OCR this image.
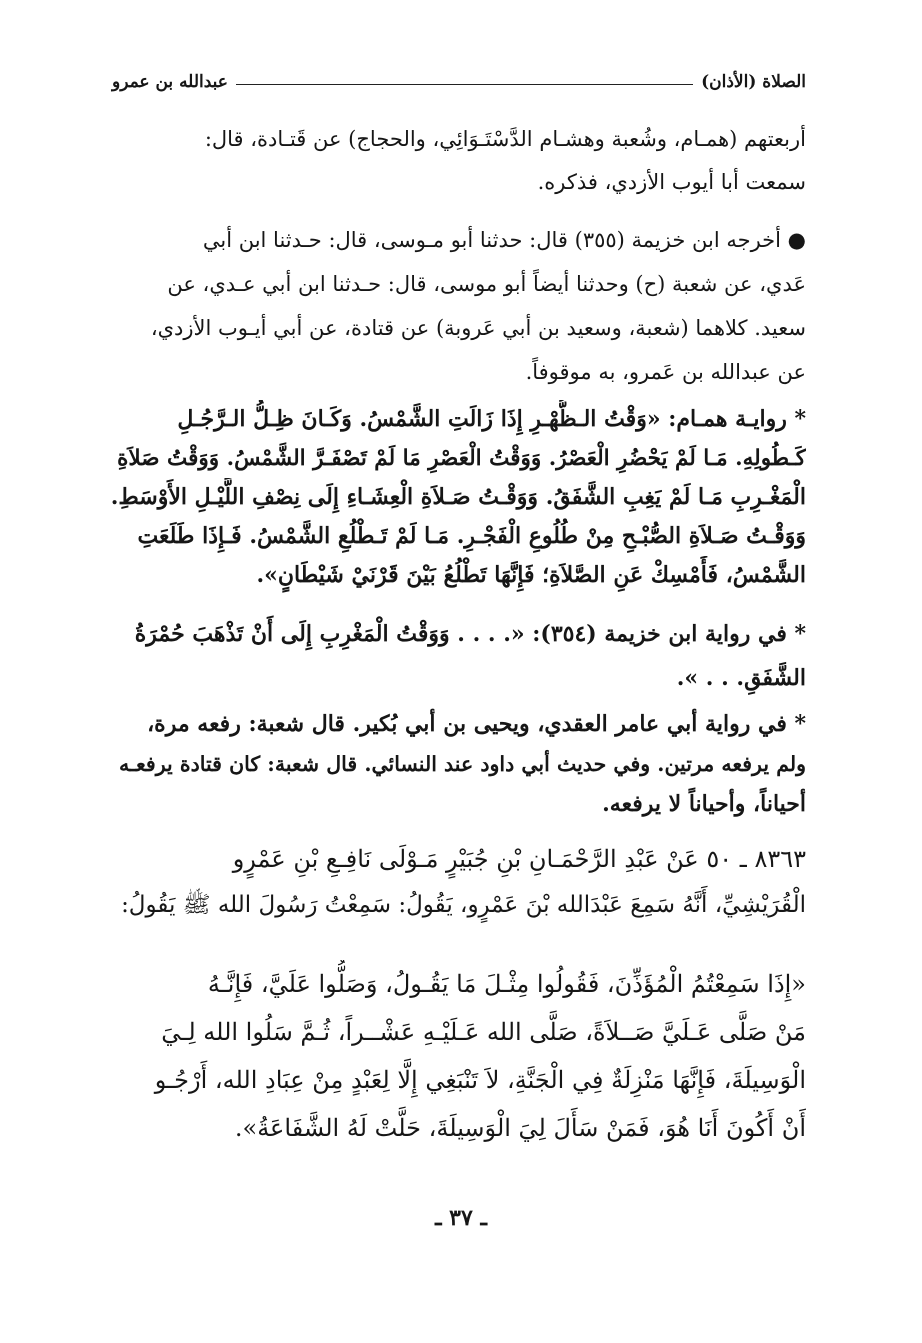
الصلاة (الأذان)
عبدالله بن عمرو
أربعتهم (همـام، وشُعبة وهشـام الدَّسْتَـوَائِي، والحجاج) عن قَتـادة، قال:
سمعت أبا أيوب الأزدي، فذكره.
● أخرجه ابن خزيمة (٣٥٥) قال: حدثنا أبو مـوسى، قال: حـدثنا ابن أبي
عَدي، عن شعبة (ح) وحدثنا أيضاً أبو موسى، قال: حـدثنا ابن أبي عـدي، عن
سعيد. كلاهما (شعبة، وسعيد بن أبي عَروبة) عن قتادة، عن أبي أيـوب الأزدي،
عن عبدالله بن عَمرو، به موقوفاً.
* روايـة همـام: «وَقْتُ الـظُّهْـرِ إِذَا زَالَتِ الشَّمْسُ. وَكَـانَ ظِـلُّ الـرَّجُـلِ
كَـطُولِهِ. مَـا لَمْ يَحْضُرِ الْعَصْرُ. وَوَقْتُ الْعَصْرِ مَا لَمْ تَصْفَـرَّ الشَّمْسُ. وَوَقْتُ صَلاَةِ
الْمَغْـرِبِ مَـا لَمْ يَغِبِ الشَّفَقُ. وَوَقْـتُ صَـلاَةِ الْعِشَـاءِ إِلَى نِصْفِ اللَّيْـلِ الأَوْسَطِ.
وَوَقْـتُ صَـلاَةِ الصُّبْـحِ مِنْ طُلُوعِ الْفَجْـرِ. مَـا لَمْ تَـطْلُعِ الشَّمْسُ. فَـإِذَا طَلَعَتِ
الشَّمْسُ، فَأَمْسِكْ عَنِ الصَّلاَةِ؛ فَإِنَّهَا تَطْلُعُ بَيْنَ قَرْنَيْ شَيْطَانٍ».
* في رواية ابن خزيمة (٣٥٤): «. . . . وَوَقْتُ الْمَغْرِبِ إِلَى أَنْ تَذْهَبَ حُمْرَةُ
الشَّفَقِ. . . ».
* في رواية أبي عامر العقدي، ويحيى بن أبي بُكير. قال شعبة: رفعه مرة،
ولم يرفعه مرتين. وفي حديث أبي داود عند النسائي. قال شعبة: كان قتادة يرفعـه
أحياناً، وأحياناً لا يرفعه.
٨٣٦٣ ـ ٥٠ عَنْ عَبْدِ الرَّحْمَـانِ بْنِ جُبَيْرٍ مَـوْلَى نَافِـعِ بْنِ عَمْرٍو
الْقُرَيْشِيِّ، أَنَّهُ سَمِعَ عَبْدَالله بْنَ عَمْرٍو، يَقُولُ: سَمِعْتُ رَسُولَ الله ﷺ يَقُولُ:
«إِذَا سَمِعْتُمُ الْمُؤَذِّنَ، فَقُولُوا مِثْـلَ مَا يَقُـولُ، وَصَلُّوا عَلَيَّ، فَإِنَّـهُ
مَنْ صَلَّى عَـلَيَّ صَــلاَةً، صَلَّى الله عَـلَيْـهِ عَشْــراً، ثُـمَّ سَلُوا الله لِـيَ
الْوَسِيلَةَ، فَإِنَّهَا مَنْزِلَةٌ فِي الْجَنَّةِ، لاَ تَنْبَغِي إِلَّا لِعَبْدٍ مِنْ عِبَادِ الله، أَرْجُـو
أَنْ أَكُونَ أَنَا هُوَ، فَمَنْ سَأَلَ لِيَ الْوَسِيلَةَ، حَلَّتْ لَهُ الشَّفَاعَةُ».
ـ ٣٧ ـ
